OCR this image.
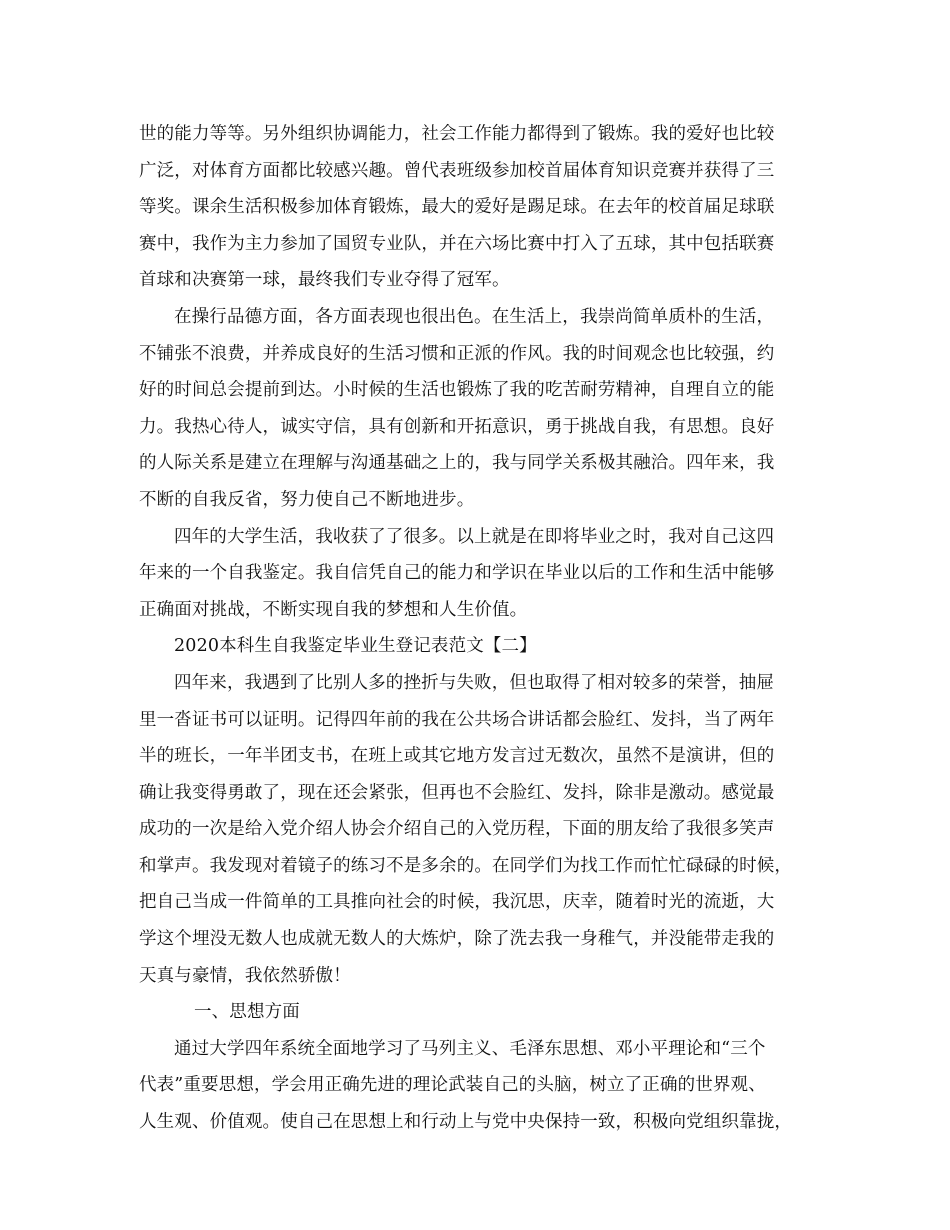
世的能力等等。另外组织协调能力，社会工作能力都得到了锻炼。我的爱好也比较
广泛，对体育方面都比较感兴趣。曾代表班级参加校首届体育知识竞赛并获得了三
等奖。课余生活积极参加体育锻炼，最大的爱好是踢足球。在去年的校首届足球联
赛中，我作为主力参加了国贸专业队，并在六场比赛中打入了五球，其中包括联赛
首球和决赛第一球，最终我们专业夺得了冠军。
在操行品德方面，各方面表现也很出色。在生活上，我崇尚简单质朴的生活，
不铺张不浪费，并养成良好的生活习惯和正派的作风。我的时间观念也比较强，约
好的时间总会提前到达。小时候的生活也锻炼了我的吃苦耐劳精神，自理自立的能
力。我热心待人，诚实守信，具有创新和开拓意识，勇于挑战自我，有思想。良好
的人际关系是建立在理解与沟通基础之上的，我与同学关系极其融洽。四年来，我
不断的自我反省，努力使自己不断地进步。
四年的大学生活，我收获了了很多。以上就是在即将毕业之时，我对自己这四
年来的一个自我鉴定。我自信凭自己的能力和学识在毕业以后的工作和生活中能够
正确面对挑战，不断实现自我的梦想和人生价值。
2020本科生自我鉴定毕业生登记表范文【二】
四年来，我遇到了比别人多的挫折与失败，但也取得了相对较多的荣誉，抽屉
里一沓证书可以证明。记得四年前的我在公共场合讲话都会脸红、发抖，当了两年
半的班长，一年半团支书，在班上或其它地方发言过无数次，虽然不是演讲，但的
确让我变得勇敢了，现在还会紧张，但再也不会脸红、发抖，除非是激动。感觉最
成功的一次是给入党介绍人协会介绍自己的入党历程，下面的朋友给了我很多笑声
和掌声。我发现对着镜子的练习不是多余的。在同学们为找工作而忙忙碌碌的时候，
把自己当成一件简单的工具推向社会的时候，我沉思，庆幸，随着时光的流逝，大
学这个埋没无数人也成就无数人的大炼炉，除了洗去我一身稚气，并没能带走我的
天真与豪情，我依然骄傲！
一、思想方面
通过大学四年系统全面地学习了马列主义、毛泽东思想、邓小平理论和“三个
代表”重要思想，学会用正确先进的理论武装自己的头脑，树立了正确的世界观、
人生观、价值观。使自己在思想上和行动上与党中央保持一致，积极向党组织靠拢，
